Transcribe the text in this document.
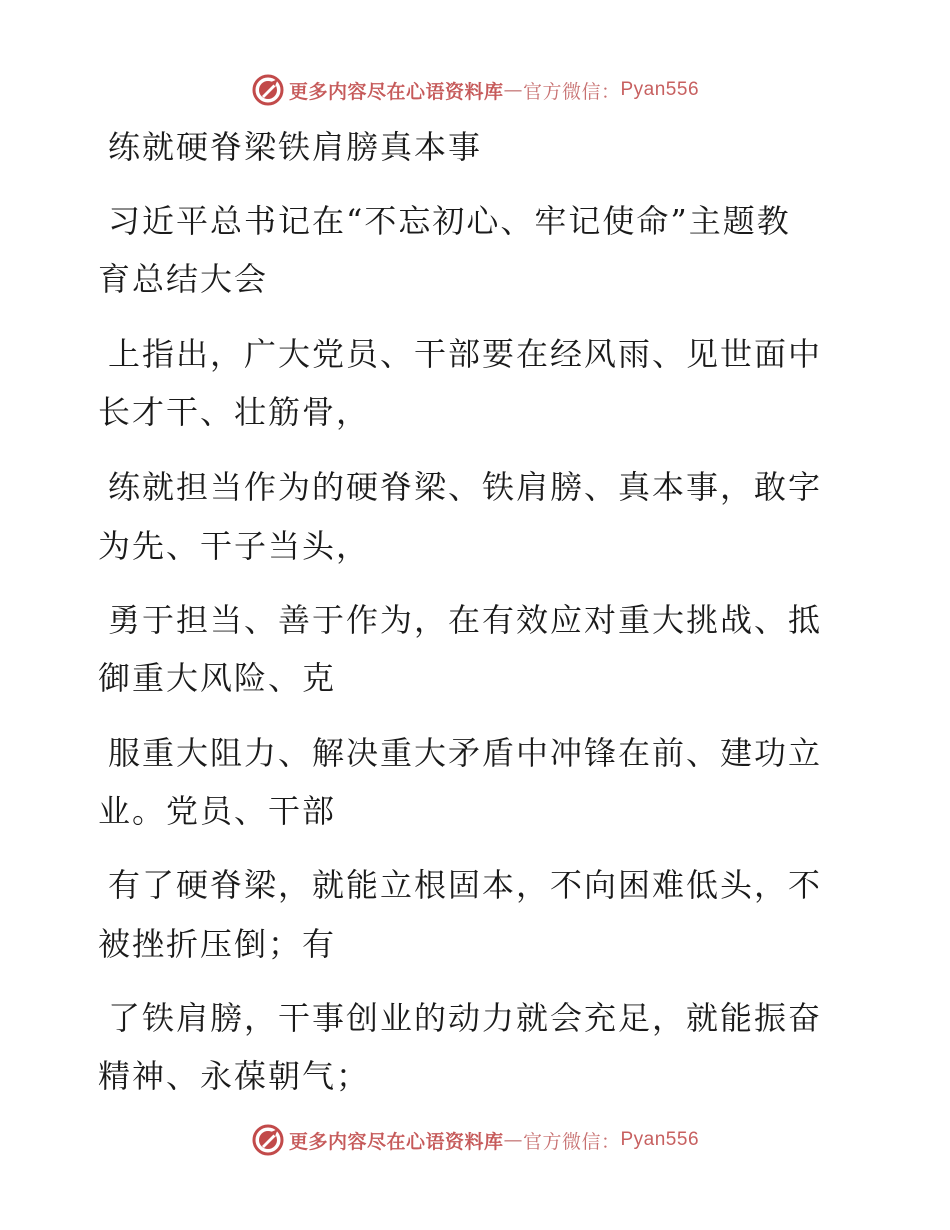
更多内容尽在心语资料库 — 官方微信： Pyan556
练就硬脊梁铁肩膀真本事
习近平总书记在“不忘初心、牢记使命”主题教
育总结大会
上指出，广大党员、干部要在经风雨、见世面中
长才干、壮筋骨，
练就担当作为的硬脊梁、铁肩膀、真本事，敢字
为先、干子当头，
勇于担当、善于作为，在有效应对重大挑战、抵
御重大风险、克
服重大阻力、解决重大矛盾中冲锋在前、建功立
业。党员、干部
有了硬脊梁，就能立根固本，不向困难低头，不
被挫折压倒；有
了铁肩膀，干事创业的动力就会充足，就能振奋
精神、永葆朝气；
更多内容尽在心语资料库 — 官方微信： Pyan556
